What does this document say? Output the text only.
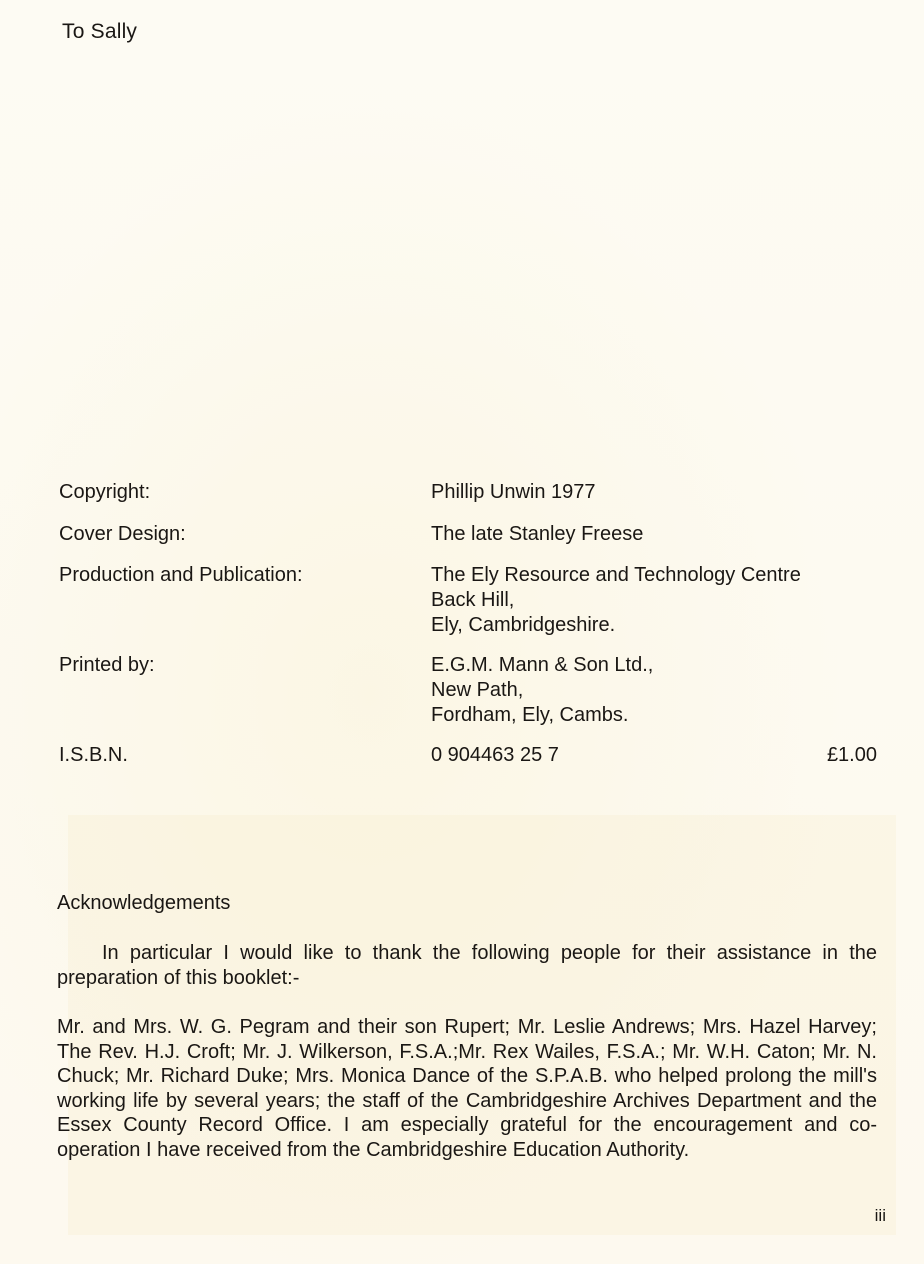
To Sally
Copyright:	Phillip Unwin 1977
Cover Design:	The late Stanley Freese
Production and Publication:	The Ely Resource and Technology Centre
Back Hill,
Ely, Cambridgeshire.
Printed by:	E.G.M. Mann & Son Ltd.,
New Path,
Fordham, Ely, Cambs.
I.S.B.N.	0 904463 25 7	£1.00
Acknowledgements

In particular I would like to thank the following people for their assistance in the preparation of this booklet:-

Mr. and Mrs. W. G. Pegram and their son Rupert; Mr. Leslie Andrews; Mrs. Hazel Harvey; The Rev. H.J. Croft; Mr. J. Wilkerson, F.S.A.;Mr. Rex Wailes, F.S.A.; Mr. W.H. Caton; Mr. N. Chuck; Mr. Richard Duke; Mrs. Monica Dance of the S.P.A.B. who helped prolong the mill's working life by several years; the staff of the Cambridgeshire Archives Department and the Essex County Record Office. I am especially grateful for the encouragement and co-operation I have received from the Cambridgeshire Education Authority.

iii
